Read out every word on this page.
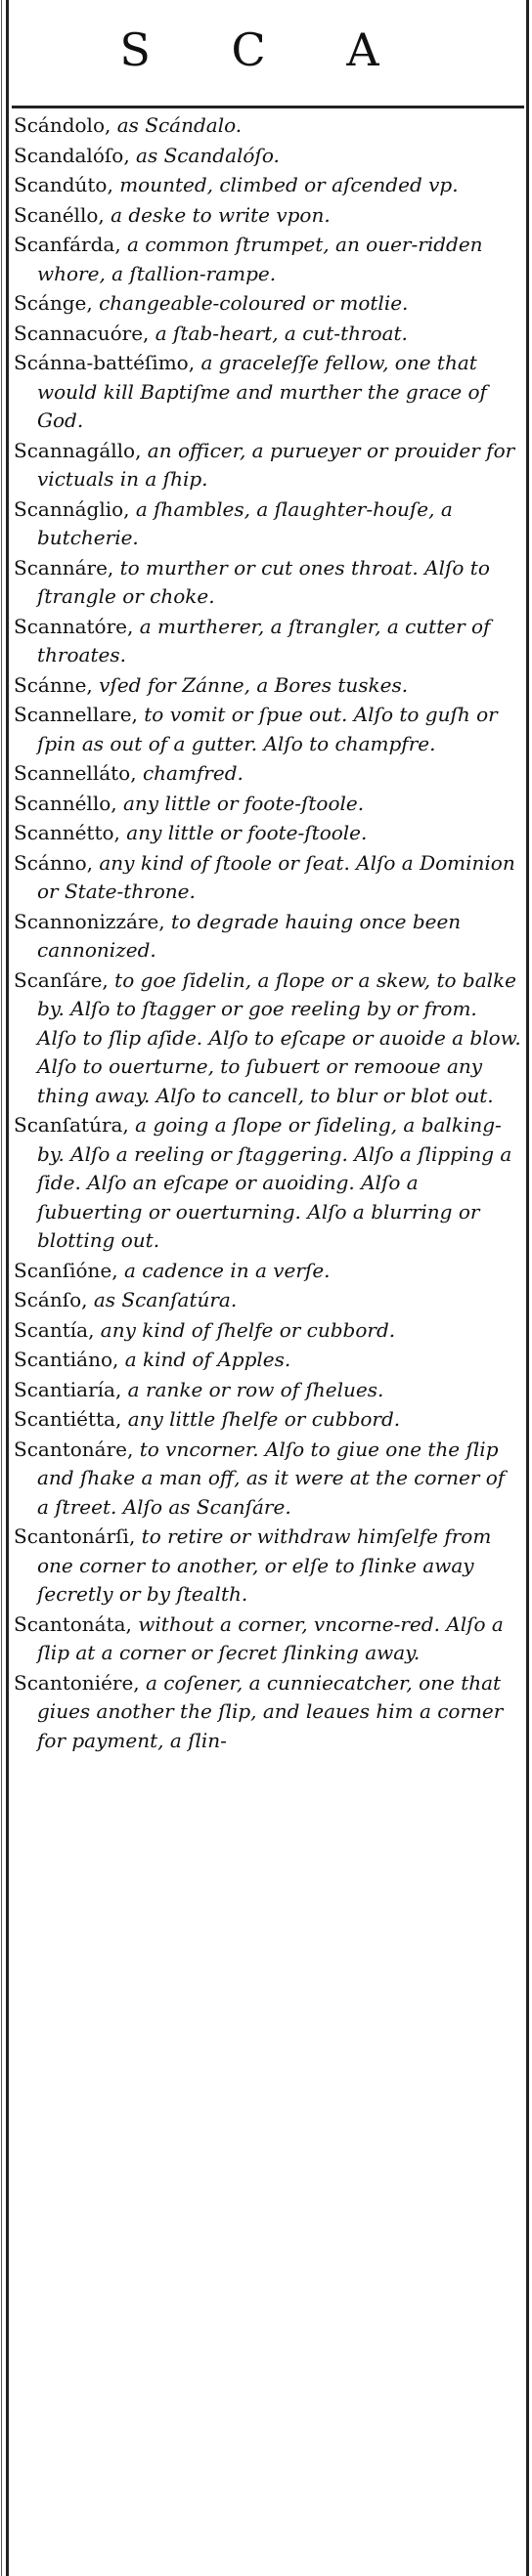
S C A
Scándolo, as Scándalo.
Scandalóſo, as Scandalóſo.
Scandúto, mounted, climbed or aſcended vp.
Scanéllo, a deske to write vpon.
Scanfárda, a common ſtrumpet, an ouer-ridden whore, a ſtallion-rampe.
Scánge, changeable-coloured or motlie.
Scannacuóre, a ſtab-heart, a cut-throat.
Scánna-battéſimo, a graceleſſe fellow, one that would kill Baptiſme and murther the grace of God.
Scannagállo, an officer, a purueyer or prouider for victuals in a ſhip.
Scannáglio, a ſhambles, a ſlaughter-houſe, a butcherie.
Scannáre, to murther or cut ones throat. Alſo to ſtrangle or choke.
Scannatóre, a murtherer, a ſtrangler, a cutter of throates.
Scánne, vſed for Zánne, a Bores tuskes.
Scannellare, to vomit or ſpue out. Alſo to guſh or ſpin as out of a gutter. Alſo to champfre.
Scannelláto, chamfred.
Scannéllo, any little or foote-ſtoole.
Scannétto, any little or foote-ſtoole.
Scánno, any kind of ſtoole or ſeat. Alſo a Dominion or State-throne.
Scannonizzáre, to degrade hauing once been cannonized.
Scanſáre, to goe ſidelin, a ſlope or a skew, to balke by. Alſo to ſtagger or goe reeling by or from. Alſo to ſlip aſide. Alſo to eſcape or auoide a blow. Alſo to ouerturne, to ſubuert or remooue any thing away. Alſo to cancell, to blur or blot out.
Scanſatúra, a going a ſlope or ſideling, a balking-by. Alſo a reeling or ſtaggering. Alſo a ſlipping a ſide. Alſo an eſcape or auoiding. Alſo a ſubuerting or ouerturning. Alſo a blurring or blotting out.
Scanſióne, a cadence in a verſe.
Scánſo, as Scanſatúra.
Scantía, any kind of ſhelfe or cubbord.
Scantiáno, a kind of Apples.
Scantiaría, a ranke or row of ſhelues.
Scantiétta, any little ſhelfe or cubbord.
Scantonáre, to vncorner. Alſo to giue one the ſlip and ſhake a man off, as it were at the corner of a ſtreet. Alſo as Scanſáre.
Scantonárſi, to retire or withdraw himſelfe from one corner to another, or elſe to ſlinke away ſecretly or by ſtealth.
Scantonáta, without a corner, vncorne-red. Alſo a ſlip at a corner or ſecret ſlinking away.
Scantoniére, a coſener, a cunniecatcher, one that giues another the ſlip, and leaues him a corner for payment, a ſlin-
